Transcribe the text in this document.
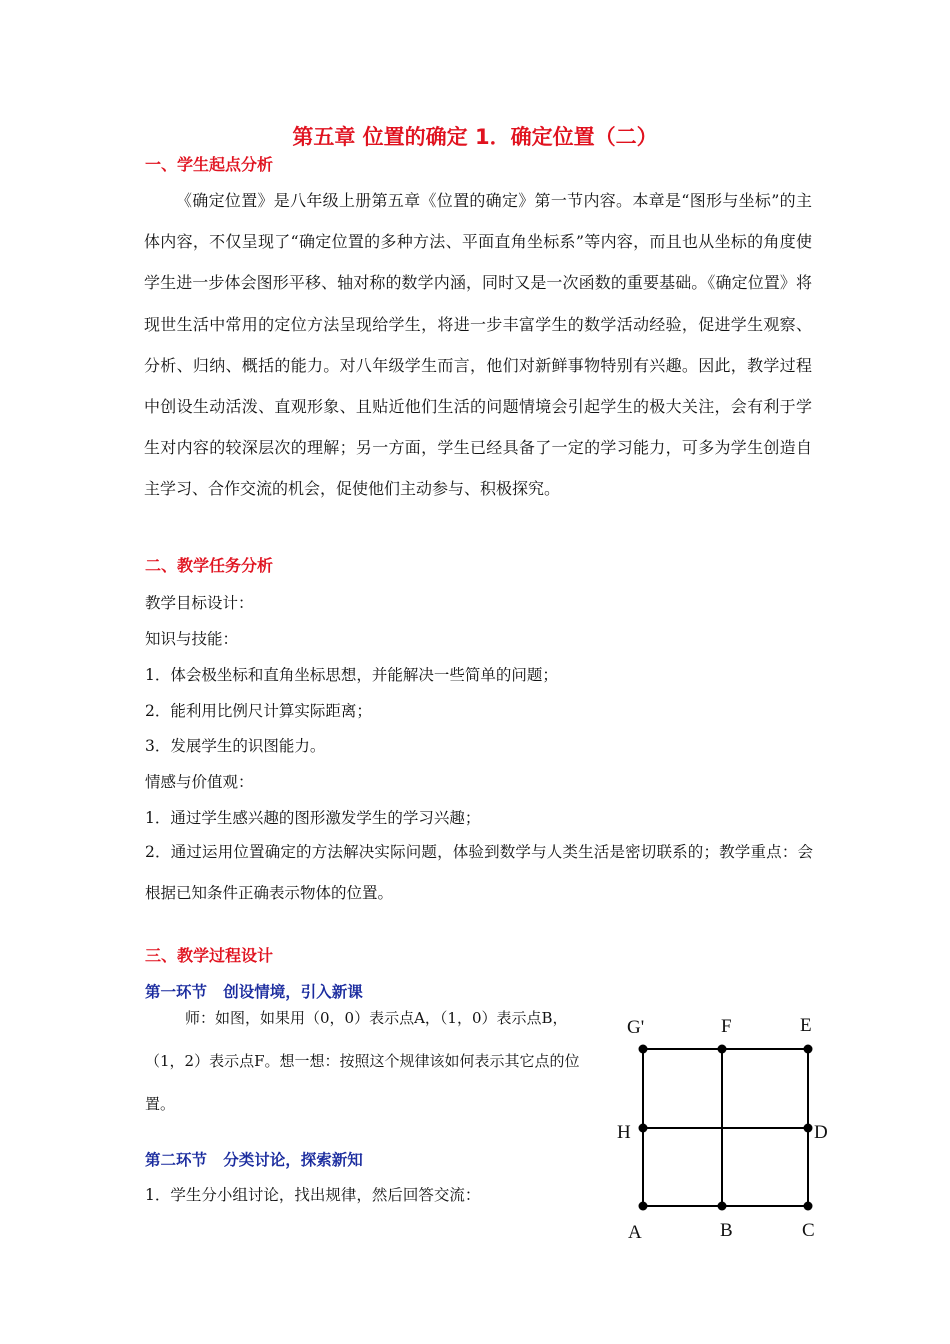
第五章 位置的确定 1．确定位置（二）
一、学生起点分析
《确定位置》是八年级上册第五章《位置的确定》第一节内容。本章是“图形与坐标”的主体内容，不仅呈现了“确定位置的多种方法、平面直角坐标系”等内容，而且也从坐标的角度使学生进一步体会图形平移、轴对称的数学内涵，同时又是一次函数的重要基础。《确定位置》将现世生活中常用的定位方法呈现给学生，将进一步丰富学生的数学活动经验，促进学生观察、分析、归纳、概括的能力。对八年级学生而言，他们对新鲜事物特别有兴趣。因此，教学过程中创设生动活泼、直观形象、且贴近他们生活的问题情境会引起学生的极大关注，会有利于学生对内容的较深层次的理解；另一方面，学生已经具备了一定的学习能力，可多为学生创造自主学习、合作交流的机会，促使他们主动参与、积极探究。
二、教学任务分析
教学目标设计：
知识与技能：
1．体会极坐标和直角坐标思想，并能解决一些简单的问题；
2．能利用比例尺计算实际距离；
3．发展学生的识图能力。
情感与价值观：
1．通过学生感兴趣的图形激发学生的学习兴趣；
2．通过运用位置确定的方法解决实际问题，体验到数学与人类生活是密切联系的；教学重点：会根据已知条件正确表示物体的位置。
三、教学过程设计
第一环节   创设情境，引入新课
师：如图，如果用（0，0）表示点A，（1，0）表示点B，（1，2）表示点F。想一想：按照这个规律该如何表示其它点的位置。
第二环节   分类讨论，探索新知
1．学生分小组讨论，找出规律，然后回答交流：
G'	F	E
H	D
A	B	C
